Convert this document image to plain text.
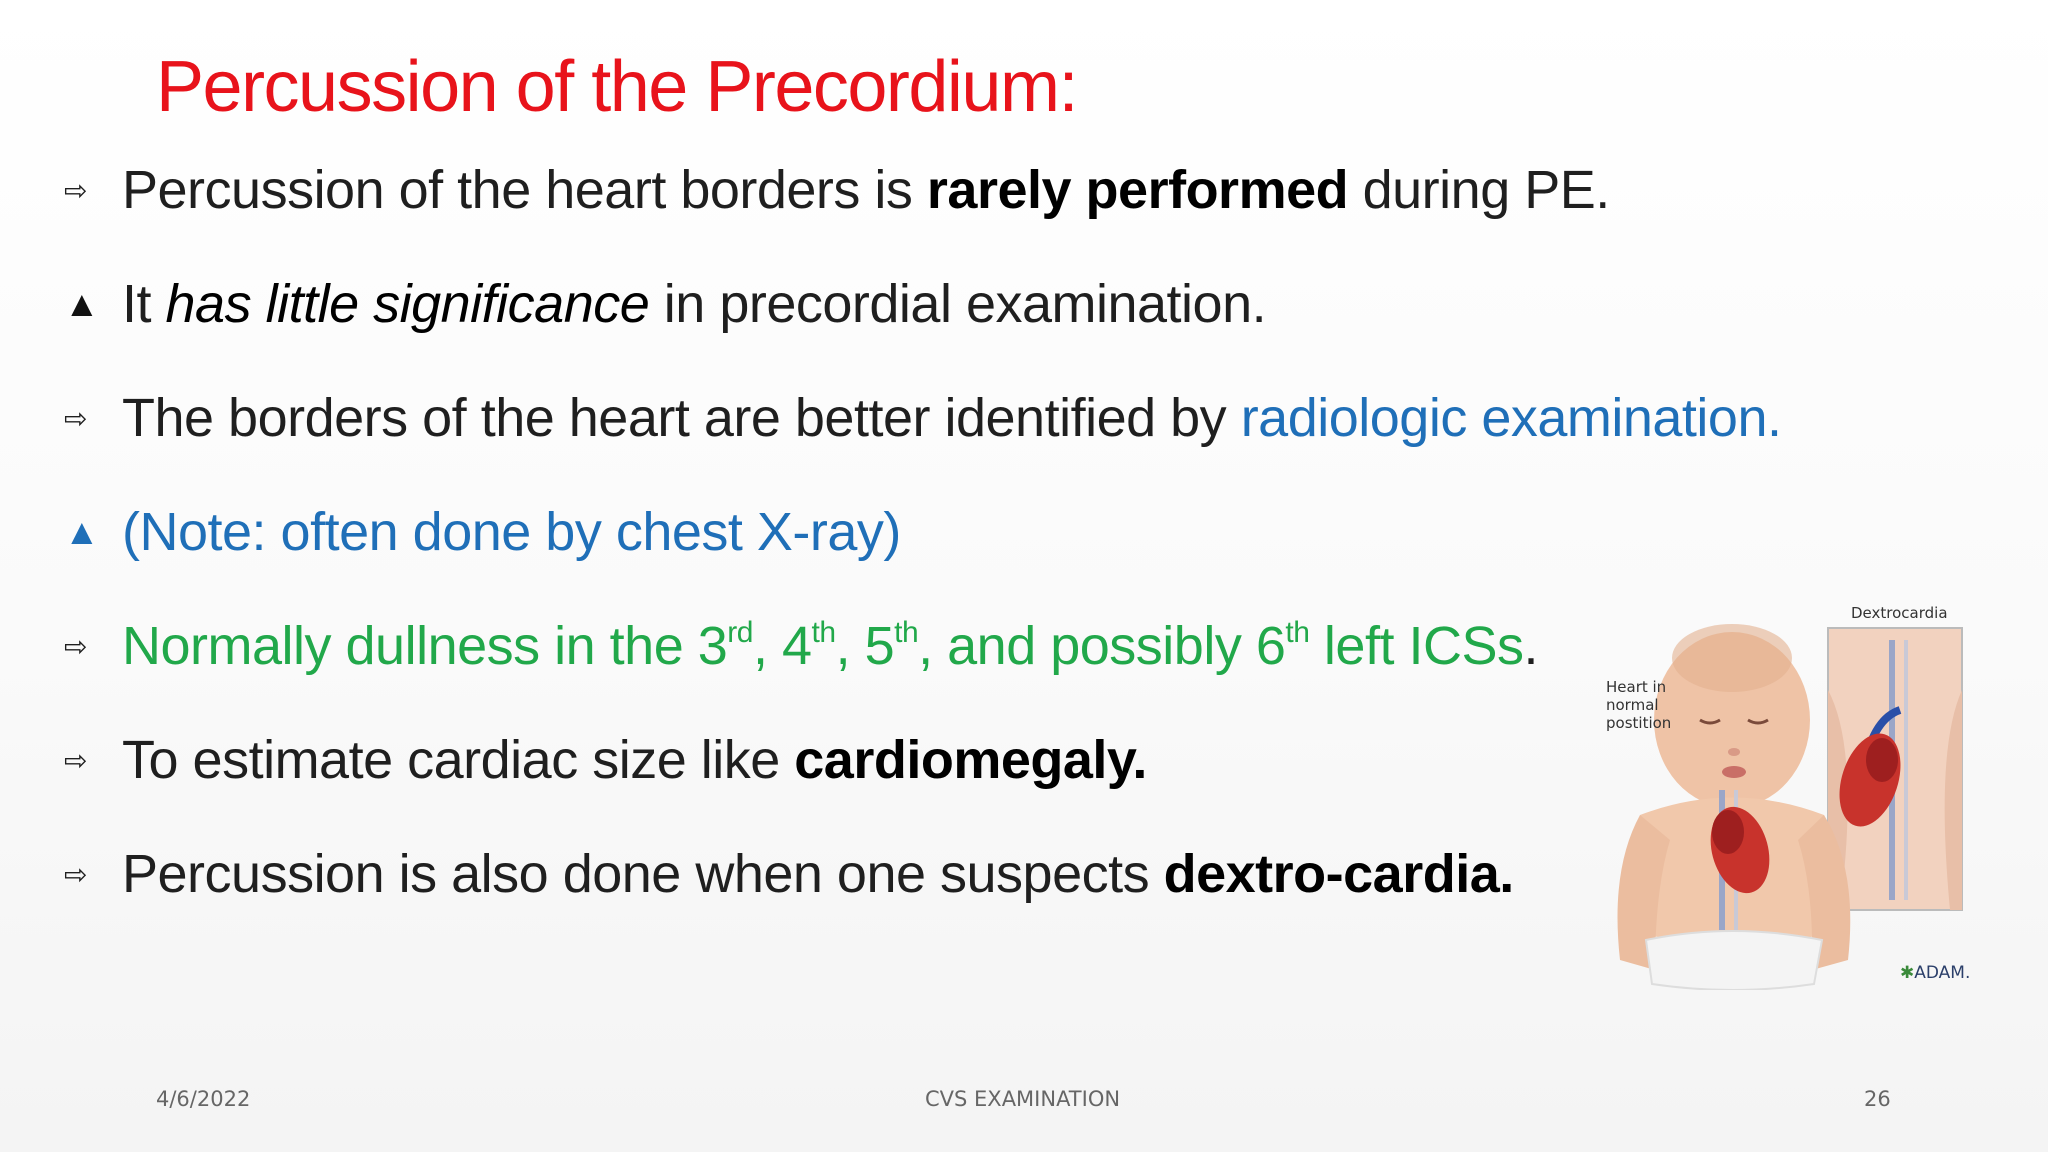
Percussion of the Precordium:
⇨ Percussion of the heart borders is rarely performed during PE.
▲ It has little significance in precordial examination.
⇨ The borders of the heart are better identified by radiologic examination.
▲ (Note: often done by chest X-ray)
⇨ Normally dullness in the 3rd, 4th, 5th, and possibly 6th left ICSs.
⇨ To estimate cardiac size like cardiomegaly.
⇨ Percussion is also done when one suspects dextro-cardia.
Heart in
normal
postition
Dextrocardia
✱ADAM.
4/6/2022	CVS EXAMINATION	26
